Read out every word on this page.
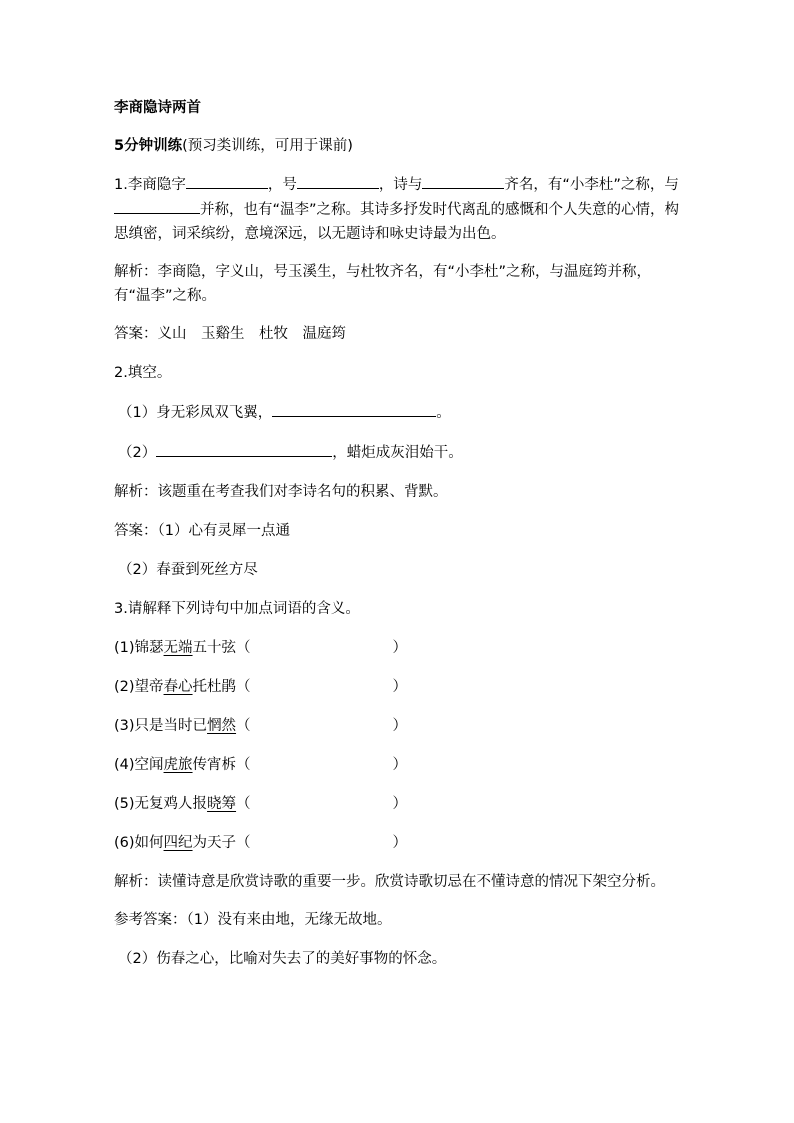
李商隐诗两首

5分钟训练(预习类训练，可用于课前)

1.李商隐字	，号	，诗与	齐名，有“小李杜”之称，与并称，也有“温李”之称。其诗多抒发时代离乱的感慨和个人失意的心情，构思缜密，词采缤纷，意境深远，以无题诗和咏史诗最为出色。

解析：李商隐，字义山，号玉溪生，与杜牧齐名，有“小李杜”之称，与温庭筠并称，有“温李”之称。

答案：义山　玉谿生　杜牧　温庭筠

2.填空。

（1）身无彩凤双飞翼，	。

（2）	，蜡炬成灰泪始干。

解析：该题重在考查我们对李诗名句的积累、背默。

答案：（1）心有灵犀一点通

（2）春蚕到死丝方尽

3.请解释下列诗句中加点词语的含义。

(1)锦瑟无端五十弦（	）

(2)望帝春心托杜鹃（	）

(3)只是当时已惘然（	）

(4)空闻虎旅传宵柝（	）

(5)无复鸡人报晓筹（	）

(6)如何四纪为天子（	）

解析：读懂诗意是欣赏诗歌的重要一步。欣赏诗歌切忌在不懂诗意的情况下架空分析。

参考答案：（1）没有来由地，无缘无故地。

（2）伤春之心，比喻对失去了的美好事物的怀念。
